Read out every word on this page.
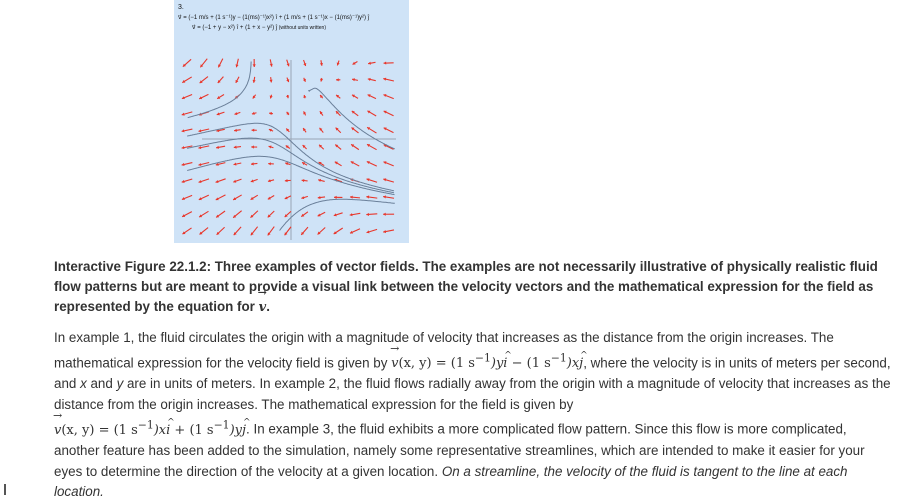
3.
v⃗ = (−1 m/s + (1 s⁻¹)y − (1(ms)⁻¹)x²) î + (1 m/s + (1 s⁻¹)x − (1(ms)⁻¹)y²) ĵ
v⃗ = (−1 + y − x²) î + (1 + x − y²) ĵ (without units written)
Interactive Figure 22.1.2: Three examples of vector fields. The examples are not necessarily illustrative of physically realistic fluid flow patterns but are meant to provide a visual link between the velocity vectors and the mathematical expression for the field as represented by the equation for → v.
In example 1, the fluid circulates the origin with a magnitude of velocity that increases as the distance from the origin increases. The mathematical expression for the velocity field is given by → v(x, y) = (1 $s^{-1})y\^{}$ i − (1 $s^{-1})x\^{}$ j, where the velocity is in units of meters per second, and x and y are in units of meters. In example 2, the fluid flows radially away from the origin with a magnitude of velocity that increases as the distance from the origin increases. The mathematical expression for the field is given by
→ v(x, y) = (1 $s^{-1})x\^{}$ i + (1 $s^{-1})y\^{}$ j. In example 3, the fluid exhibits a more complicated flow pattern. Since this flow is more complicated, another feature has been added to the simulation, namely some representative streamlines, which are intended to make it easier for your eyes to determine the direction of the velocity at a given location. On a streamline, the velocity of the fluid is tangent to the line at each location.
